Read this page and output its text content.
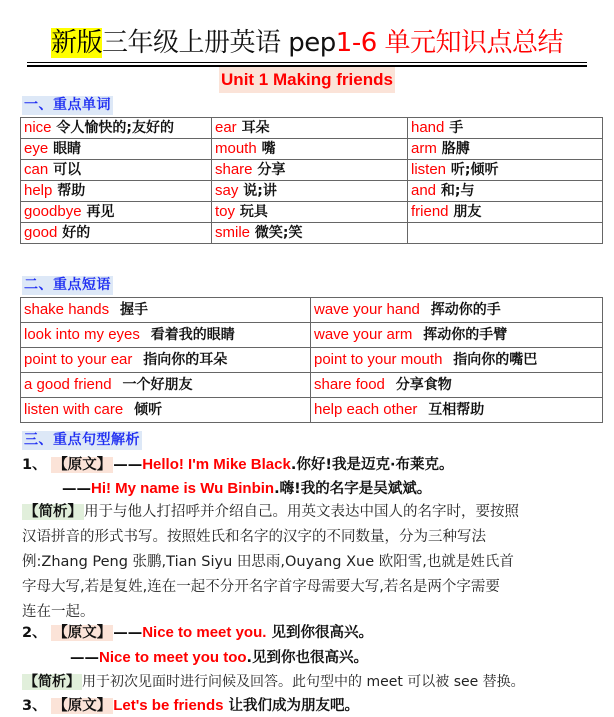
新版三年级上册英语 pep1-6 单元知识点总结
Unit 1 Making friends
一、重点单词
nice 令人愉快的;友好的	ear 耳朵	hand 手
eye 眼睛	mouth 嘴	arm 胳膊
can 可以	share 分享	listen 听;倾听
help 帮助	say 说;讲	and 和;与
goodbye 再见	toy 玩具	friend 朋友
good 好的	smile 微笑;笑	
二、重点短语
shake hands 握手	wave your hand 挥动你的手
look into my eyes 看着我的眼睛	wave your arm 挥动你的手臂
point to your ear 指向你的耳朵	point to your mouth 指向你的嘴巴
a good friend 一个好朋友	share food 分享食物
listen with care 倾听	help each other 互相帮助
三、重点句型解析
1、 【原文】 ——Hello! I'm Mike Black.你好!我是迈克·布莱克。
——Hi! My name is Wu Binbin.嗨!我的名字是吴斌斌。

【简析】 用于与他人打招呼并介绍自己。用英文表达中国人的名字时，要按照

汉语拼音的形式书写。按照姓氏和名字的汉字的不同数量，分为三种写法

例:Zhang Peng 张鹏,Tian Siyu 田思雨,Ouyang Xue 欧阳雪,也就是姓氏首

字母大写,若是复姓,连在一起不分开名字首字母需要大写,若名是两个字需要

连在一起。

2、 【原文】 ——Nice to meet you. 见到你很高兴。
——Nice to meet you too.见到你也很高兴。

【简析】 用于初次见面时进行问候及回答。此句型中的 meet 可以被 see 替换。

3、 【原文】 Let's be friends 让我们成为朋友吧。
